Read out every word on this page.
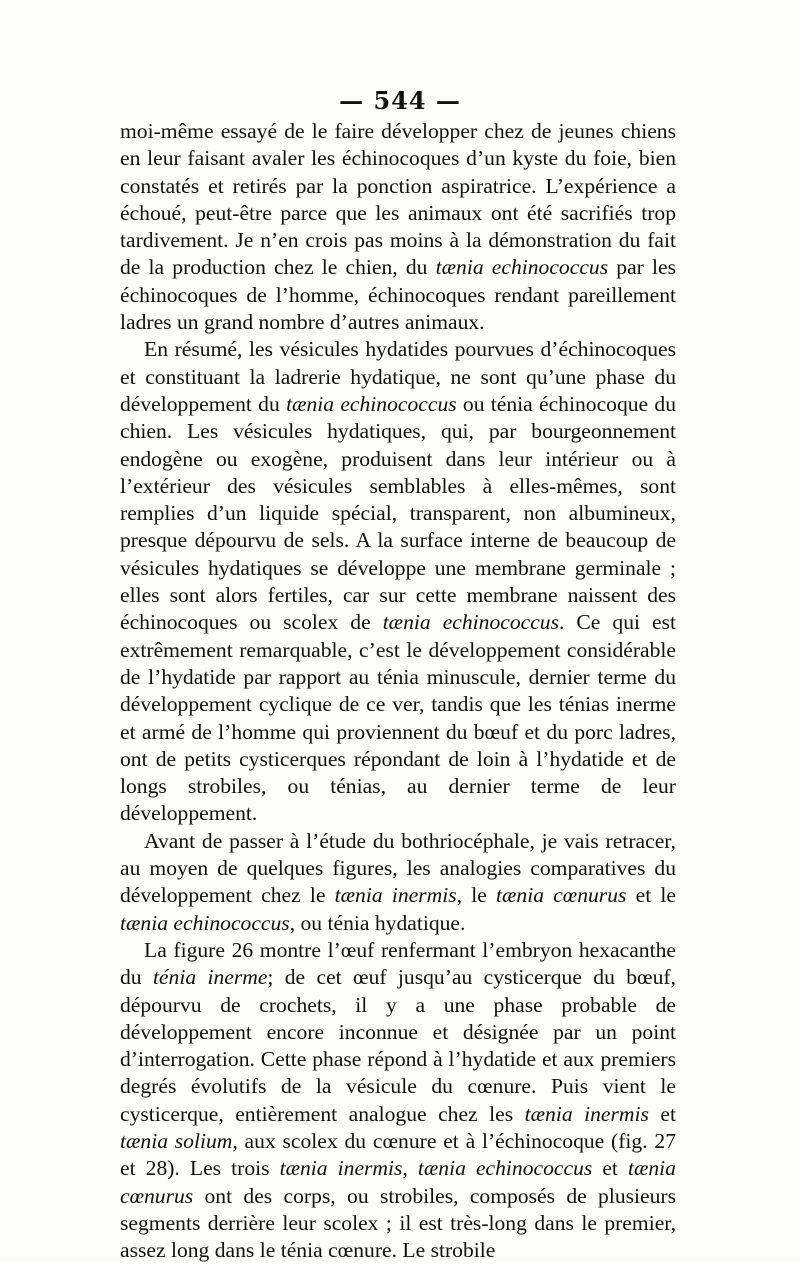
— 544 —

moi-même essayé de le faire développer chez de jeunes chiens en leur faisant avaler les échinocoques d’un kyste du foie, bien constatés et retirés par la ponction aspiratrice. L’expérience a échoué, peut-être parce que les animaux ont été sacrifiés trop tardivement. Je n’en crois pas moins à la démonstration du fait de la production chez le chien, du tænia echinococcus par les échinocoques de l’homme, échinocoques rendant pareillement ladres un grand nombre d’autres animaux.

En résumé, les vésicules hydatides pourvues d’échinocoques et constituant la ladrerie hydatique, ne sont qu’une phase du développement du tænia echinococcus ou ténia échinocoque du chien. Les vésicules hydatiques, qui, par bourgeonnement endogène ou exogène, produisent dans leur intérieur ou à l’extérieur des vésicules semblables à elles-mêmes, sont remplies d’un liquide spécial, transparent, non albumineux, presque dépourvu de sels. A la surface interne de beaucoup de vésicules hydatiques se développe une membrane germinale ; elles sont alors fertiles, car sur cette membrane naissent des échinocoques ou scolex de tænia echinococcus. Ce qui est extrêmement remarquable, c’est le développement considérable de l’hydatide par rapport au ténia minuscule, dernier terme du développement cyclique de ce ver, tandis que les ténias inerme et armé de l’homme qui proviennent du bœuf et du porc ladres, ont de petits cysticerques répondant de loin à l’hydatide et de longs strobiles, ou ténias, au dernier terme de leur développement.

Avant de passer à l’étude du bothriocéphale, je vais retracer, au moyen de quelques figures, les analogies comparatives du développement chez le tænia inermis, le tænia cœnurus et le tænia echinococcus, ou ténia hydatique.

La figure 26 montre l’œuf renfermant l’embryon hexacanthe du ténia inerme; de cet œuf jusqu’au cysticerque du bœuf, dépourvu de crochets, il y a une phase probable de développement encore inconnue et désignée par un point d’interrogation. Cette phase répond à l’hydatide et aux premiers degrés évolutifs de la vésicule du cœnure. Puis vient le cysticerque, entièrement analogue chez les tænia inermis et tænia solium, aux scolex du cœnure et à l’échinocoque (fig. 27 et 28). Les trois tænia inermis, tænia echinococcus et tænia cœnurus ont des corps, ou strobiles, composés de plusieurs segments derrière leur scolex ; il est très-long dans le premier, assez long dans le ténia cœnure. Le strobile
